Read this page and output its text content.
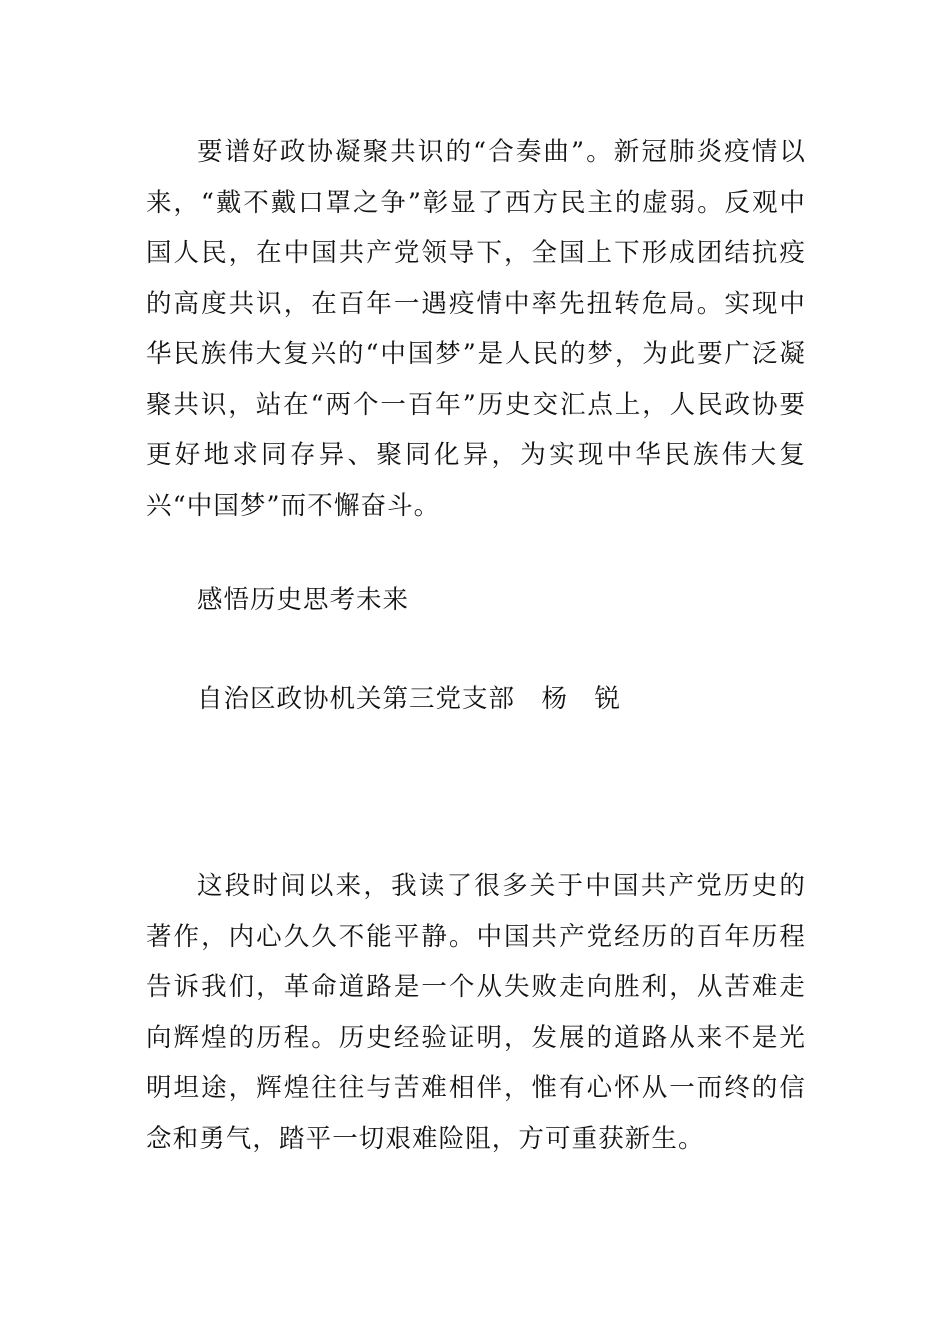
要谱好政协凝聚共识的“合奏曲”。新冠肺炎疫情以来，“戴不戴口罩之争”彰显了西方民主的虚弱。反观中国人民，在中国共产党领导下，全国上下形成团结抗疫的高度共识，在百年一遇疫情中率先扭转危局。实现中华民族伟大复兴的“中国梦”是人民的梦，为此要广泛凝聚共识，站在“两个一百年”历史交汇点上，人民政协要更好地求同存异、聚同化异，为实现中华民族伟大复兴“中国梦”而不懈奋斗。

感悟历史思考未来

自治区政协机关第三党支部　杨　锐

这段时间以来，我读了很多关于中国共产党历史的著作，内心久久不能平静。中国共产党经历的百年历程告诉我们，革命道路是一个从失败走向胜利，从苦难走向辉煌的历程。历史经验证明，发展的道路从来不是光明坦途，辉煌往往与苦难相伴，惟有心怀从一而终的信念和勇气，踏平一切艰难险阻，方可重获新生。
